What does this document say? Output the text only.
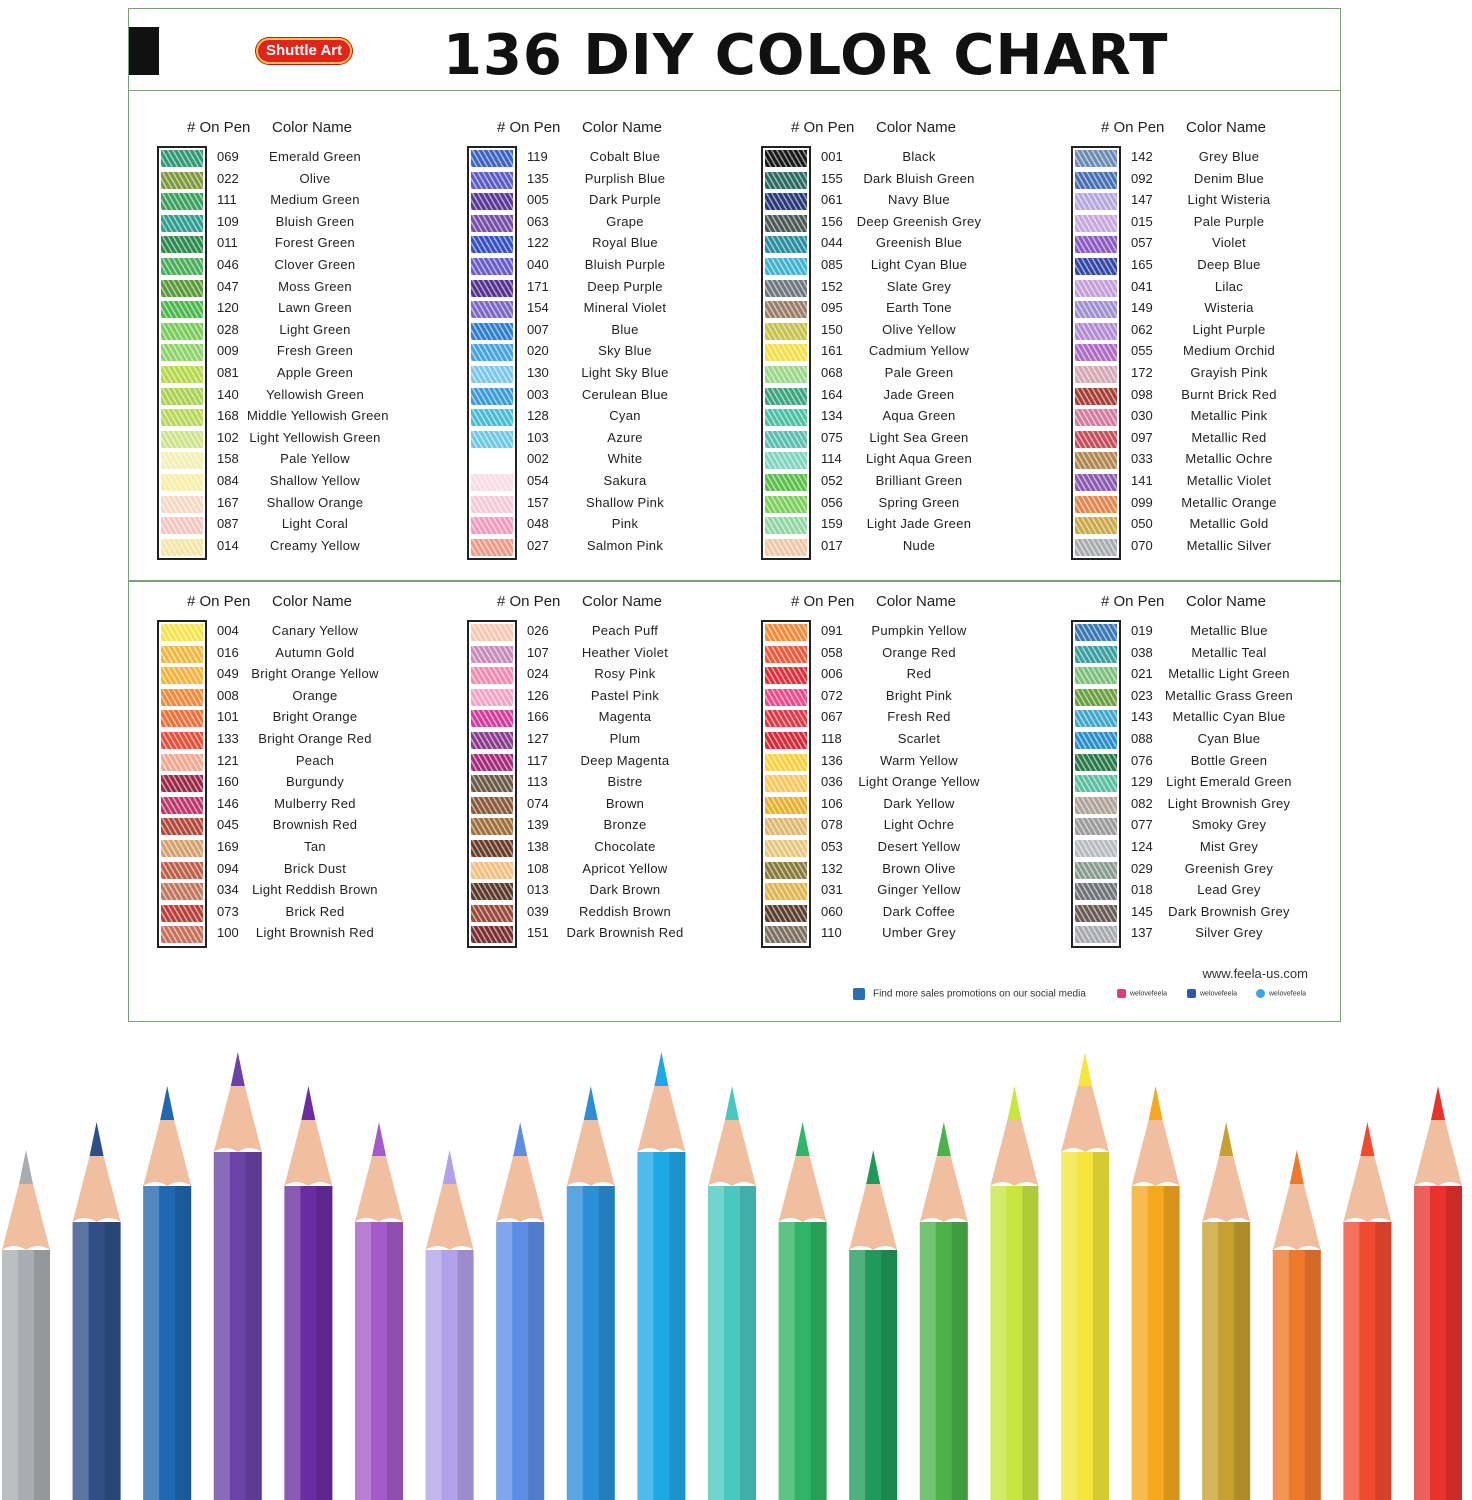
Shuttle Art 136 DIY COLOR CHART
# On Pen Color Name
069	Emerald Green
022	Olive
111	Medium Green
109	Bluish Green
011	Forest Green
046	Clover Green
047	Moss Green
120	Lawn Green
028	Light Green
009	Fresh Green
081	Apple Green
140	Yellowish Green
168 Middle Yellowish Green
102 Light Yellowish Green
158	Pale Yellow
084	Shallow Yellow
167	Shallow Orange
087	Light Coral
014	Creamy Yellow
# On Pen Color Name
119	Cobalt Blue
135	Purplish Blue
005	Dark Purple
063	Grape
122	Royal Blue
040	Bluish Purple
171	Deep Purple
154	Mineral Violet
007	Blue
020	Sky Blue
130	Light Sky Blue
003	Cerulean Blue
128	Cyan
103	Azure
002	White
054	Sakura
157	Shallow Pink
048	Pink
027	Salmon Pink
# On Pen Color Name
001	Black
155	Dark Bluish Green
061	Navy Blue
156	Deep Greenish Grey
044	Greenish Blue
085	Light Cyan Blue
152	Slate Grey
095	Earth Tone
150	Olive Yellow
161	Cadmium Yellow
068	Pale Green
164	Jade Green
134	Aqua Green
075	Light Sea Green
114	Light Aqua Green
052	Brilliant Green
056	Spring Green
159	Light Jade Green
017	Nude
# On Pen Color Name
142	Grey Blue
092	Denim Blue
147	Light Wisteria
015	Pale Purple
057	Violet
165	Deep Blue
041	Lilac
149	Wisteria
062	Light Purple
055	Medium Orchid
172	Grayish Pink
098	Burnt Brick Red
030	Metallic Pink
097	Metallic Red
033	Metallic Ochre
141	Metallic Violet
099	Metallic Orange
050	Metallic Gold
070	Metallic Silver
# On Pen Color Name
004	Canary Yellow
016	Autumn Gold
049 Bright Orange Yellow
008	Orange
101	Bright Orange
133	Bright Orange Red
121	Peach
160	Burgundy
146	Mulberry Red
045	Brownish Red
169	Tan
094	Brick Dust
034	Light Reddish Brown
073	Brick Red
100	Light Brownish Red
# On Pen Color Name
026	Peach Puff
107	Heather Violet
024	Rosy Pink
126	Pastel Pink
166	Magenta
127	Plum
117	Deep Magenta
113	Bistre
074	Brown
139	Bronze
138	Chocolate
108	Apricot Yellow
013	Dark Brown
039	Reddish Brown
151	Dark Brownish Red
# On Pen Color Name
091	Pumpkin Yellow
058	Orange Red
006	Red
072	Bright Pink
067	Fresh Red
118	Scarlet
136	Warm Yellow
036	Light Orange Yellow
106	Dark Yellow
078	Light Ochre
053	Desert Yellow
132	Brown Olive
031	Ginger Yellow
060	Dark Coffee
110	Umber Grey
# On Pen Color Name
019	Metallic Blue
038	Metallic Teal
021	Metallic Light Green
023 Metallic Grass Green
143	Metallic Cyan Blue
088	Cyan Blue
076	Bottle Green
129	Light Emerald Green
082	Light Brownish Grey
077	Smoky Grey
124	Mist Grey
029	Greenish Grey
018	Lead Grey
145	Dark Brownish Grey
137	Silver Grey
www.feela-us.com
Find more sales promotions on our social media	welovefeela	welovefeela	welovefeela
